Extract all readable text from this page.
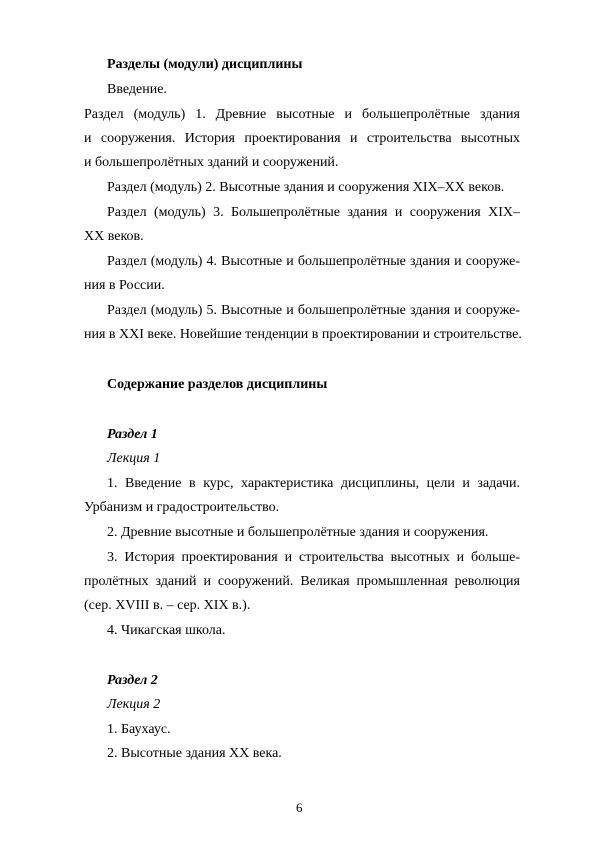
Разделы (модули) дисциплины
Введение.
Раздел (модуль) 1. Древние высотные и большепролётные здания
и сооружения. История проектирования и строительства высотных
и большепролётных зданий и сооружений.
Раздел (модуль) 2. Высотные здания и сооружения XIX–XX веков.
Раздел (модуль) 3. Большепролётные здания и сооружения XIX–
XX веков.
Раздел (модуль) 4. Высотные и большепролётные здания и сооруже-
ния в России.
Раздел (модуль) 5. Высотные и большепролётные здания и сооруже-
ния в XXI веке. Новейшие тенденции в проектировании и строительстве.
Содержание разделов дисциплины
Раздел 1
Лекция 1
1. Введение в курс, характеристика дисциплины, цели и задачи.
Урбанизм и градостроительство.
2. Древние высотные и большепролётные здания и сооружения.
3. История проектирования и строительства высотных и больше-
пролётных зданий и сооружений. Великая промышленная революция
(сер. XVIII в. – сер. XIX в.).
4. Чикагская школа.
Раздел 2
Лекция 2
1. Баухаус.
2. Высотные здания XX века.
6
